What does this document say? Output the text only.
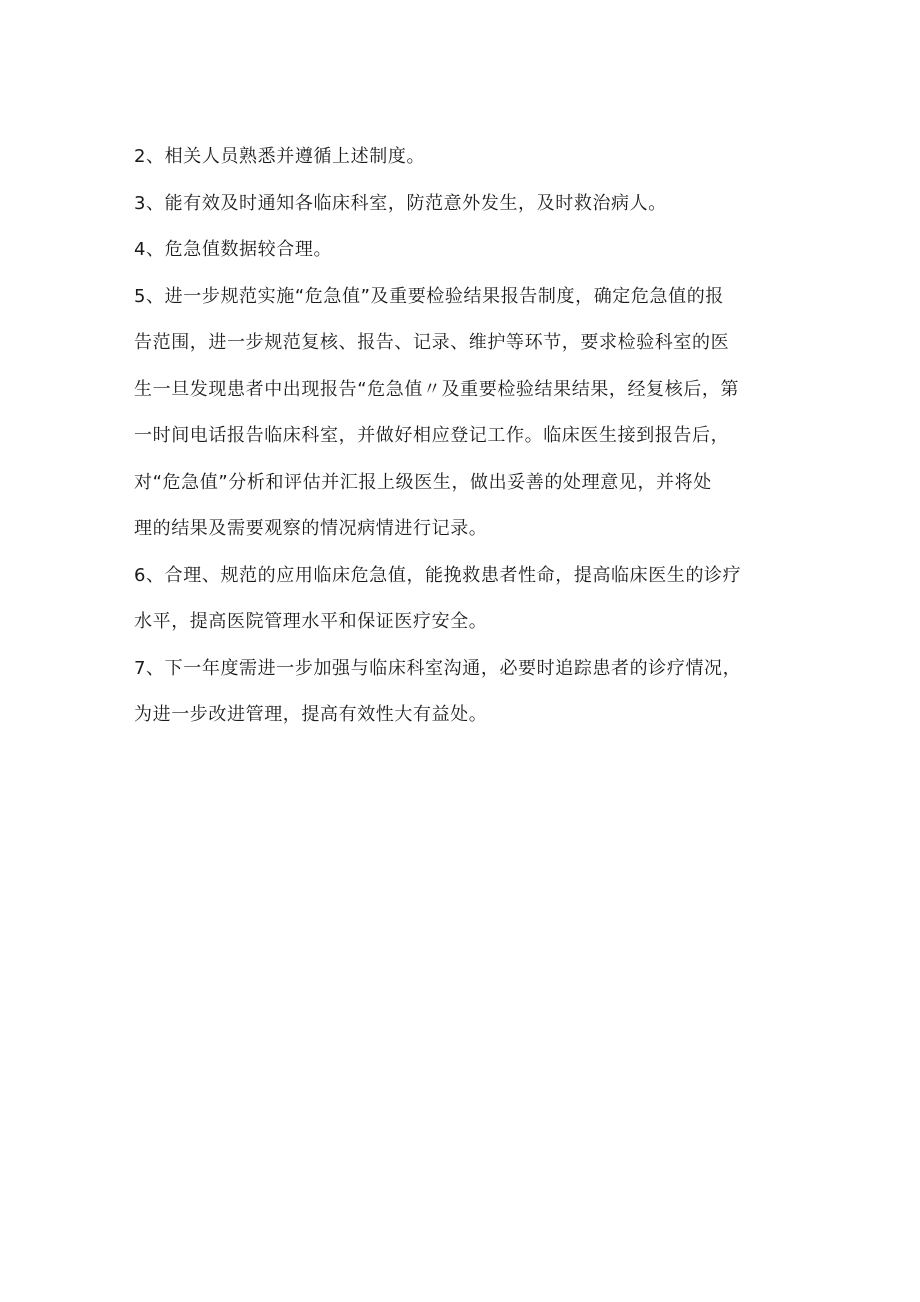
2、相关人员熟悉并遵循上述制度。
3、能有效及时通知各临床科室，防范意外发生，及时救治病人。
4、危急值数据较合理。
5、进一步规范实施“危急值”及重要检验结果报告制度，确定危急值的报
告范围，进一步规范复核、报告、记录、维护等环节，要求检验科室的医
生一旦发现患者中出现报告“危急值〃及重要检验结果结果，经复核后，第
一时间电话报告临床科室，并做好相应登记工作。临床医生接到报告后，
对“危急值”分析和评估并汇报上级医生，做出妥善的处理意见，并将处
理的结果及需要观察的情况病情进行记录。
6、合理、规范的应用临床危急值，能挽救患者性命，提高临床医生的诊疗
水平，提高医院管理水平和保证医疗安全。
7、下一年度需进一步加强与临床科室沟通，必要时追踪患者的诊疗情况，
为进一步改进管理，提高有效性大有益处。
